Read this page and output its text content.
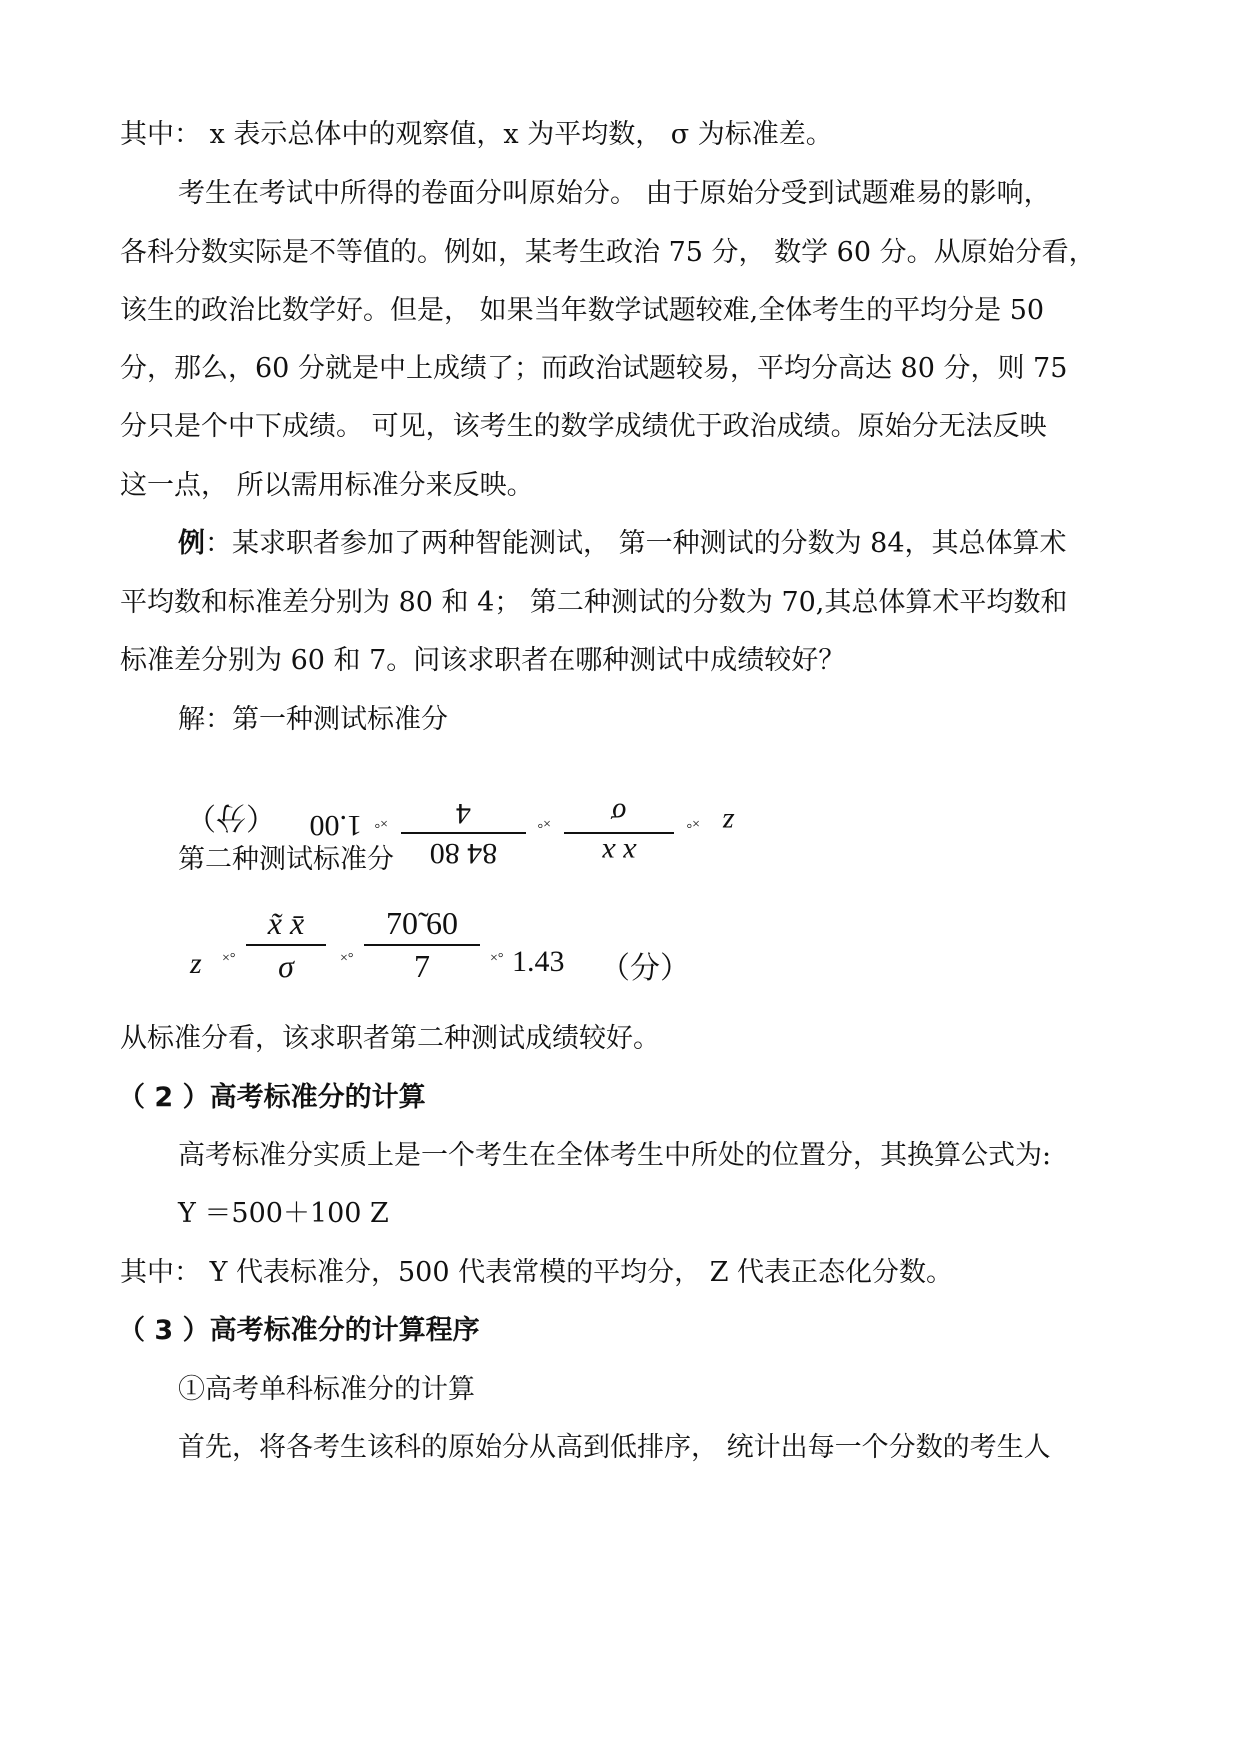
其中： x 表示总体中的观察值，x 为平均数， σ 为标准差。
考生在考试中所得的卷面分叫原始分。 由于原始分受到试题难易的影响，
各科分数实际是不等值的。例如，某考生政治 75 分， 数学 60 分。从原始分看，
该生的政治比数学好。但是， 如果当年数学试题较难,全体考生的平均分是 50
分，那么，60 分就是中上成绩了；而政治试题较易，平均分高达 80 分，则 75
分只是个中下成绩。 可见，该考生的数学成绩优于政治成绩。原始分无法反映
这一点， 所以需用标准分来反映。
例：某求职者参加了两种智能测试， 第一种测试的分数为 84，其总体算术
平均数和标准差分别为 80 和 4； 第二种测试的分数为 70,其总体算术平均数和
标准差分别为 60 和 7。问该求职者在哪种测试中成绩较好？
解：第一种测试标准分
z
×°
x x
σ
×°
84 80
4
×°
1.00
（分）
第二种测试标准分
z ×°
x̃ x̄
σ	×°
70̃ 60
7	×° 1.43 （分）
从标准分看，该求职者第二种测试成绩较好。
（ 2 ）高考标准分的计算
高考标准分实质上是一个考生在全体考生中所处的位置分，其换算公式为:
Y ＝500＋100 Z
其中： Y 代表标准分，500 代表常模的平均分， Z 代表正态化分数。
（ 3 ）高考标准分的计算程序
①高考单科标准分的计算
首先，将各考生该科的原始分从高到低排序， 统计出每一个分数的考生人
